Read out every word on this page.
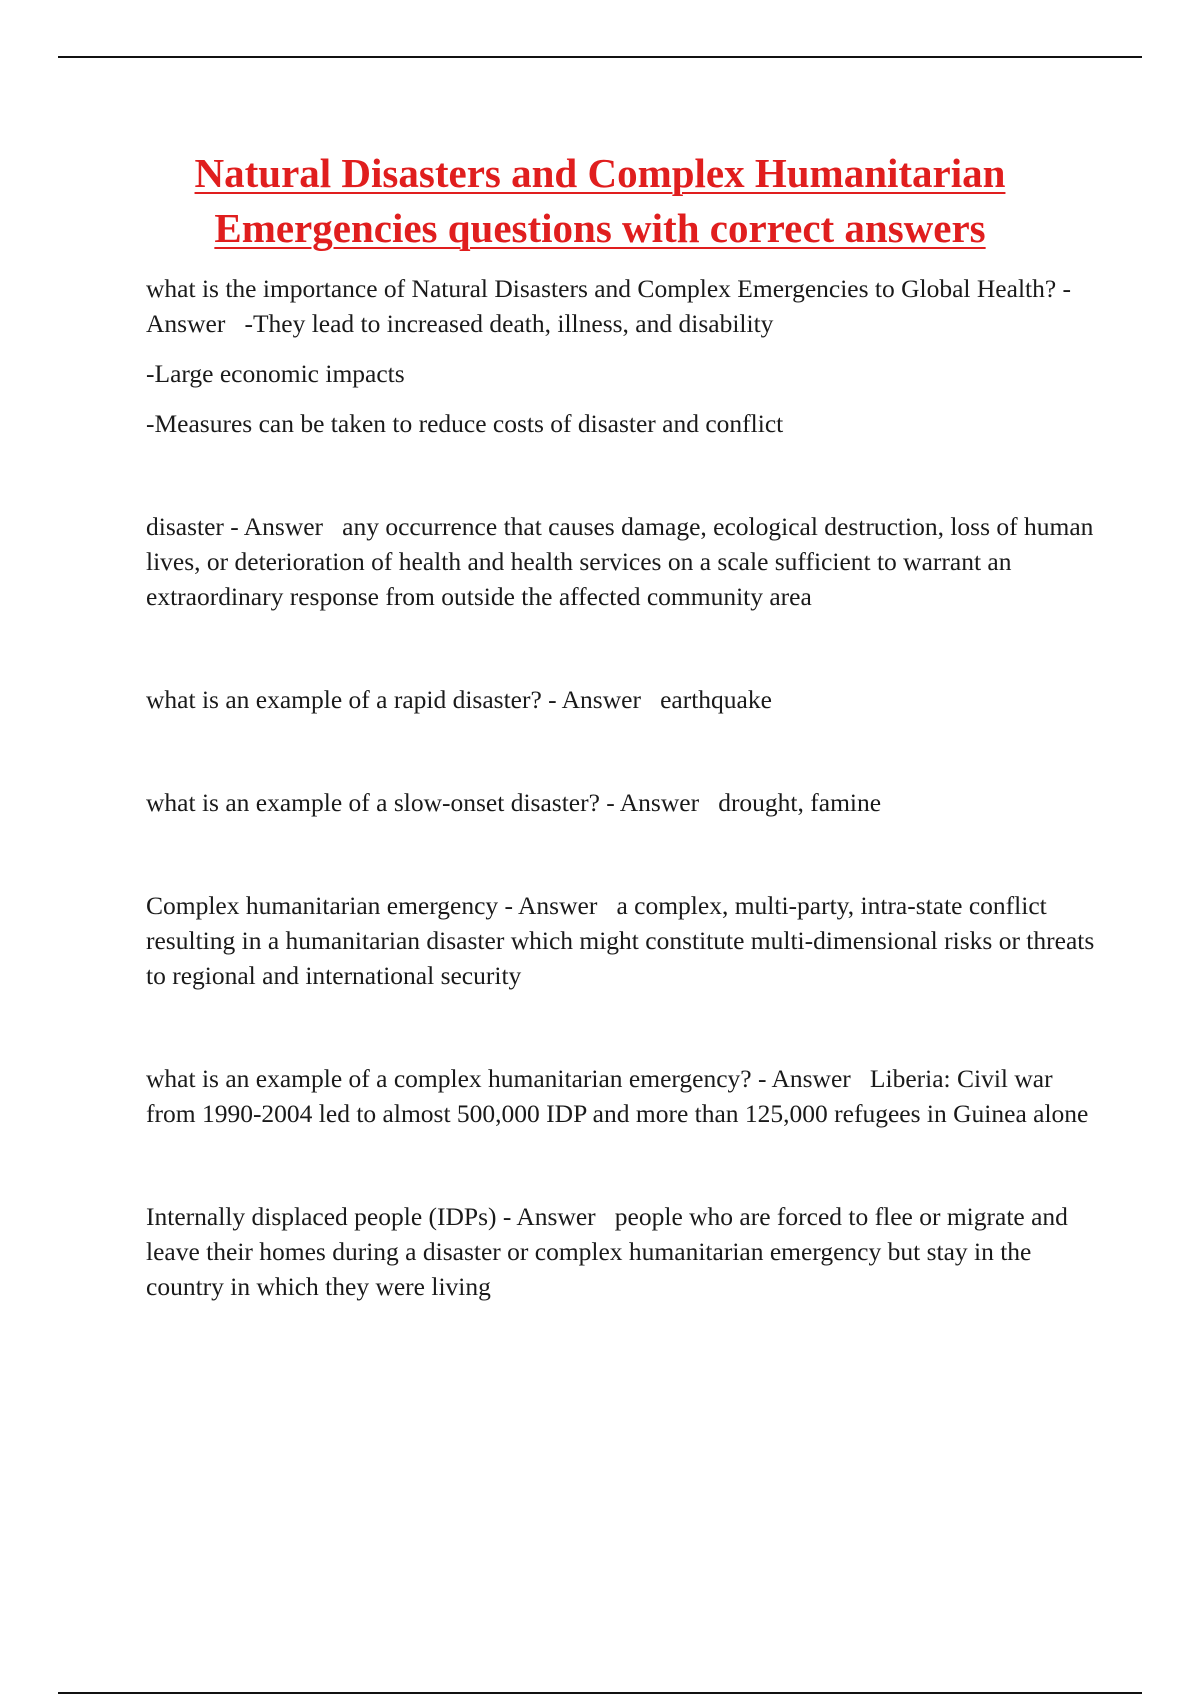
Natural Disasters and Complex Humanitarian
Emergencies questions with correct answers

what is the importance of Natural Disasters and Complex Emergencies to Global Health? - Answer -They lead to increased death, illness, and disability

-Large economic impacts

-Measures can be taken to reduce costs of disaster and conflict

disaster - Answer any occurrence that causes damage, ecological destruction, loss of human lives, or deterioration of health and health services on a scale sufficient to warrant an extraordinary response from outside the affected community area

what is an example of a rapid disaster? - Answer earthquake

what is an example of a slow-onset disaster? - Answer drought, famine

Complex humanitarian emergency - Answer a complex, multi-party, intra-state conflict resulting in a humanitarian disaster which might constitute multi-dimensional risks or threats to regional and international security

what is an example of a complex humanitarian emergency? - Answer Liberia: Civil war from 1990-2004 led to almost 500,000 IDP and more than 125,000 refugees in Guinea alone

Internally displaced people (IDPs) - Answer people who are forced to flee or migrate and leave their homes during a disaster or complex humanitarian emergency but stay in the country in which they were living
